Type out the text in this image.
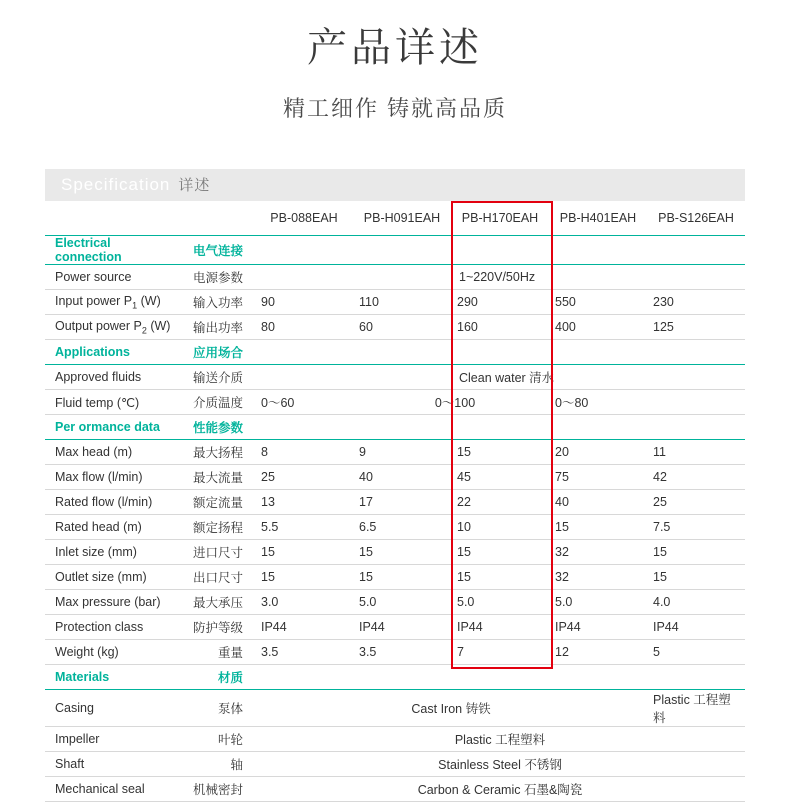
产品详述
精工细作 铸就高品质
Specification 详述
		PB-088EAH	PB-H091EAH	PB-H170EAH	PB-H401EAH	PB-S126EAH
Electrical connection	电气连接					
Power source	电源参数			1~220V/50Hz		
Input power $P_1$ (W)	输入功率	90	110	290	550	230
Output power $P_2$ (W)	输出功率	80	60	160	400	125
Applications	应用场合					
Approved fluids	输送介质			Clean water 清水		
Fluid temp (℃)	介质温度	0～60	0～100		0～80	
Per ormance data	性能参数					
Max head (m)	最大扬程	8	9	15	20	11
Max flow (l/min)	最大流量	25	40	45	75	42
Rated flow (l/min)	额定流量	13	17	22	40	25
Rated head (m)	额定扬程	5.5	6.5	10	15	7.5
Inlet size (mm)	进口尺寸	15	15	15	32	15
Outlet size (mm)	出口尺寸	15	15	15	32	15
Max pressure (bar)	最大承压	3.0	5.0	5.0	5.0	4.0
Protection class	防护等级	IP44	IP44	IP44	IP44	IP44
Weight (kg)	重量	3.5	3.5	7	12	5
Materials	材质					
Casing	泵体	Cast Iron 铸铁				Plastic 工程塑料
Impeller	叶轮	Plastic 工程塑料				
Shaft	轴	Stainless Steel 不锈钢				
Mechanical seal	机械密封	Carbon & Ceramic 石墨&陶瓷				
